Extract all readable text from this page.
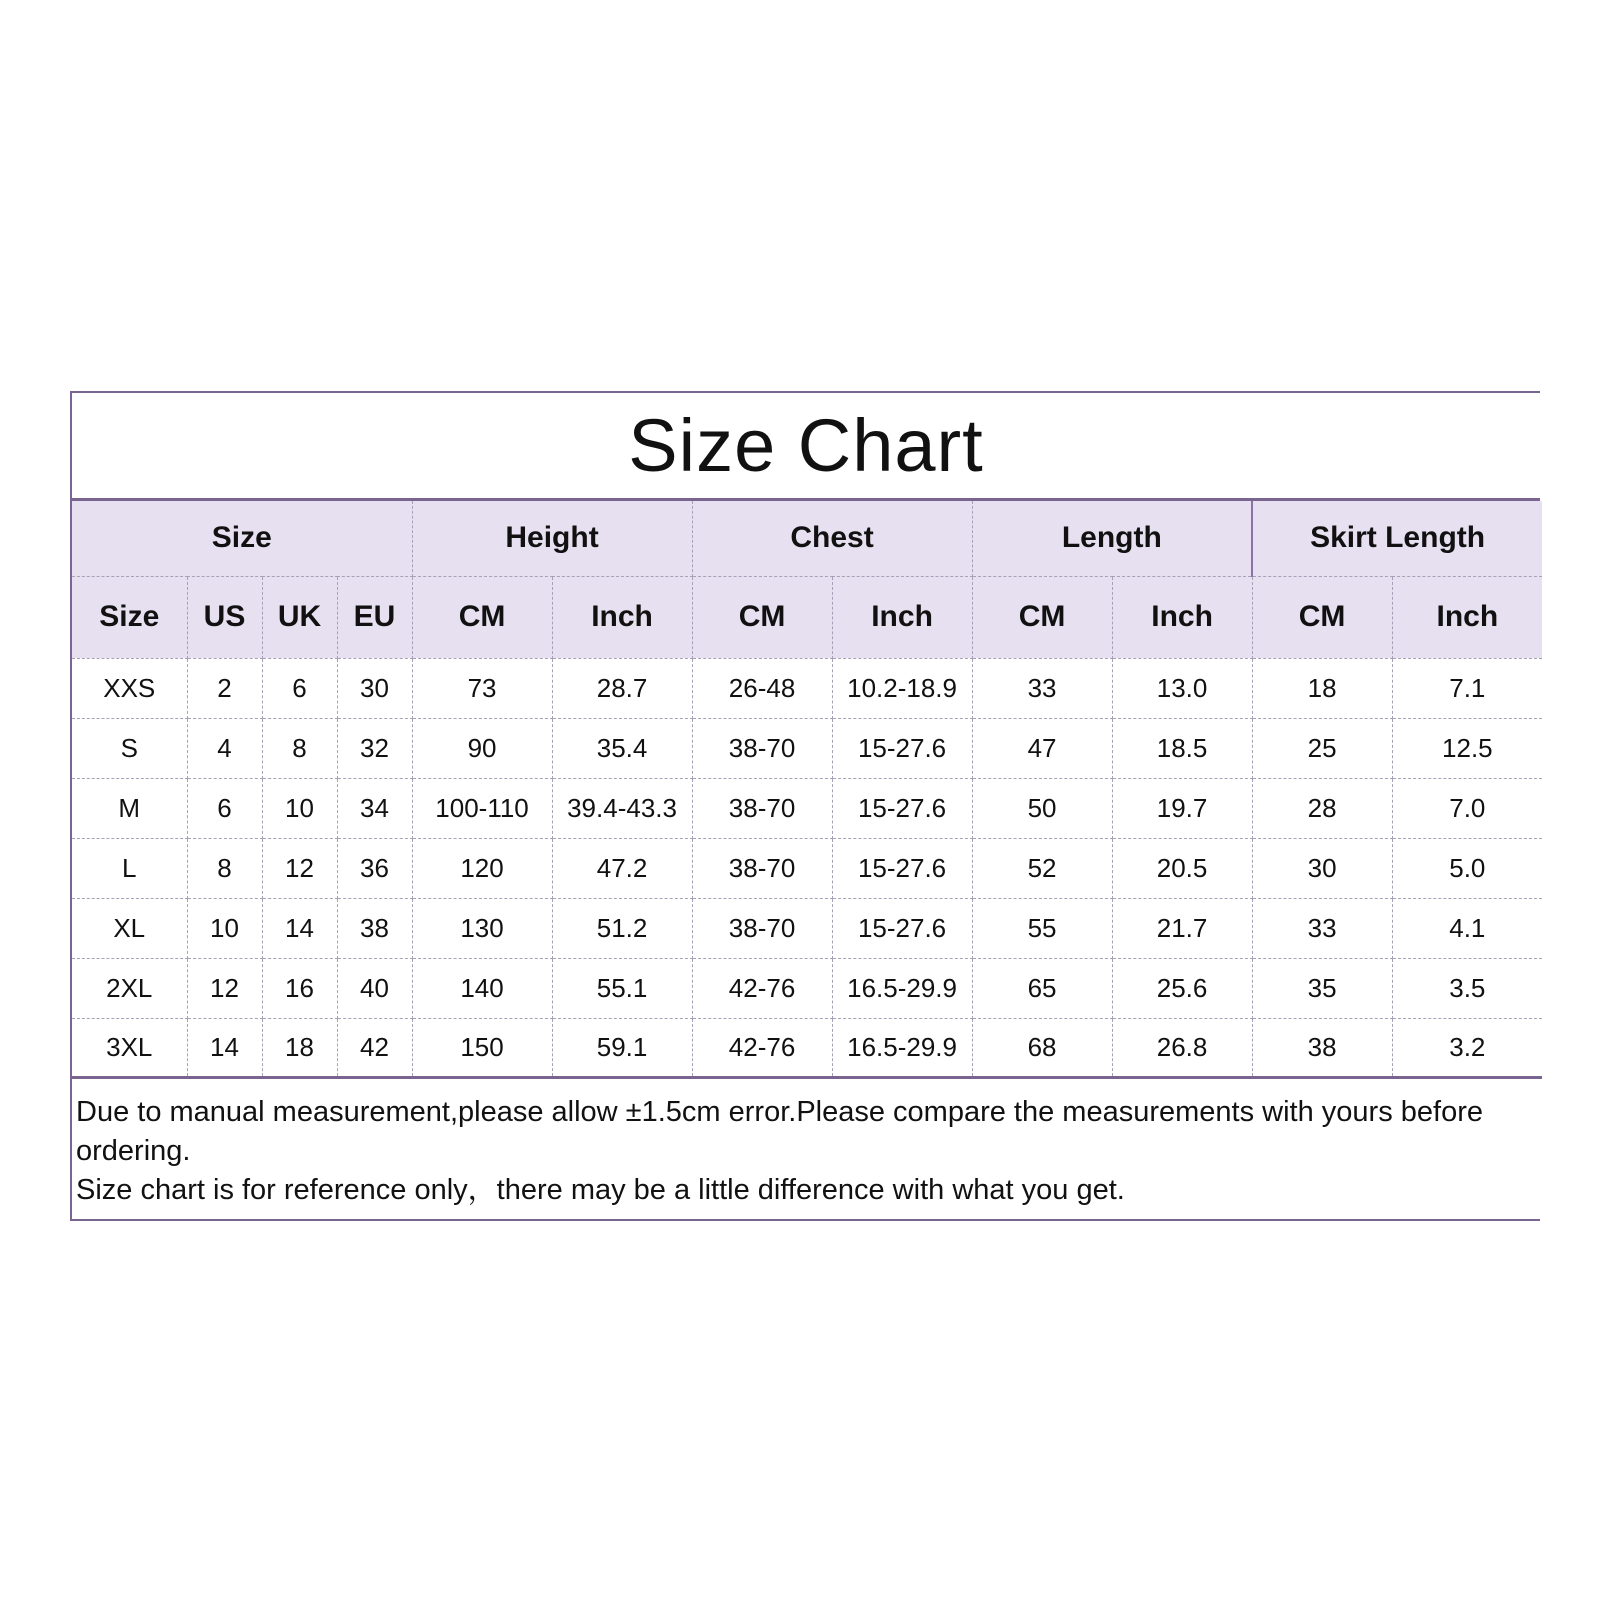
Size Chart
Size				Height		Chest		Length		Skirt Length	
Size	US	UK	EU	CM	Inch	CM	Inch	CM	Inch	CM	Inch
XXS	2	6	30	73	28.7	26-48	10.2-18.9	33	13.0	18	7.1
S	4	8	32	90	35.4	38-70	15-27.6	47	18.5	25	12.5
M	6	10	34	100-110	39.4-43.3	38-70	15-27.6	50	19.7	28	7.0
L	8	12	36	120	47.2	38-70	15-27.6	52	20.5	30	5.0
XL	10	14	38	130	51.2	38-70	15-27.6	55	21.7	33	4.1
2XL	12	16	40	140	55.1	42-76	16.5-29.9	65	25.6	35	3.5
3XL	14	18	42	150	59.1	42-76	16.5-29.9	68	26.8	38	3.2

Due to manual measurement,please allow ±1.5cm error.Please compare the measurements with yours before ordering.

Size chart is for reference only，there may be a little difference with what you get.
